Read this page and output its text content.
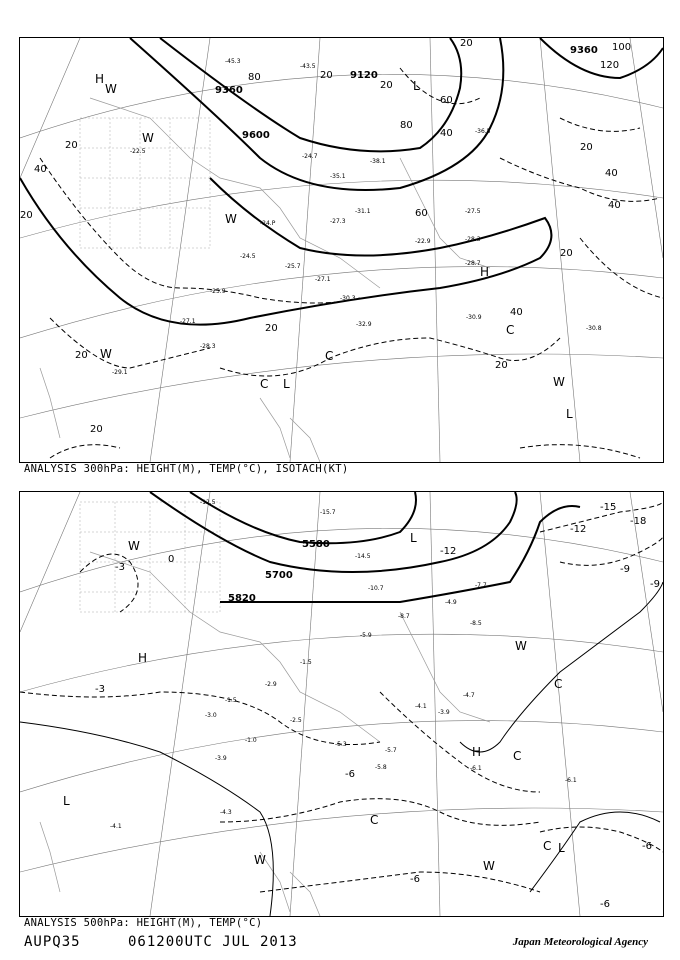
9120
9360
9360
9600
20
20
20
20
20
20
20
20
20
40
40
40
40
60
60
80
80
100
120
20
40
20
-45.3
-43.5
-38.1
-36.5
-35.1
-31.1
-27.3
-27.5
-24.7
-24.P
-22.9	-28.3
-28.7
-30.3
-32.9
-30.9
-30.8
-29.1
-28.3
-27.1
-25.9
-24.5
-22.5
-25.7
-27.1
H
W
W
L
H
W
C
C L
W
C
W
L
ANALYSIS 300hPa: HEIGHT(M), TEMP(°C), ISOTACH(KT)
5580
5700
5820
-12
-12
-15
-18
-9
-9
-6
-6
-6
-3
-3
0
-6
-12.5
-15.7
-14.5
-10.7
-8.7
-7.7
-8.5
-5.9
-4.9
-4.7
-4.1
-3.9
-1.5
-1.5
-2.5
-1.0
-5.7
-5.3
-5.8
-3.0
-4.3
-6.1
-6.1
-2.9
-4.1
-3.9
W
H
L
L
H
W
C
C
W
C L
W
C
ANALYSIS 500hPa: HEIGHT(M), TEMP(°C)
AUPQ35	061200UTC JUL 2013	Japan Meteorological Agency
